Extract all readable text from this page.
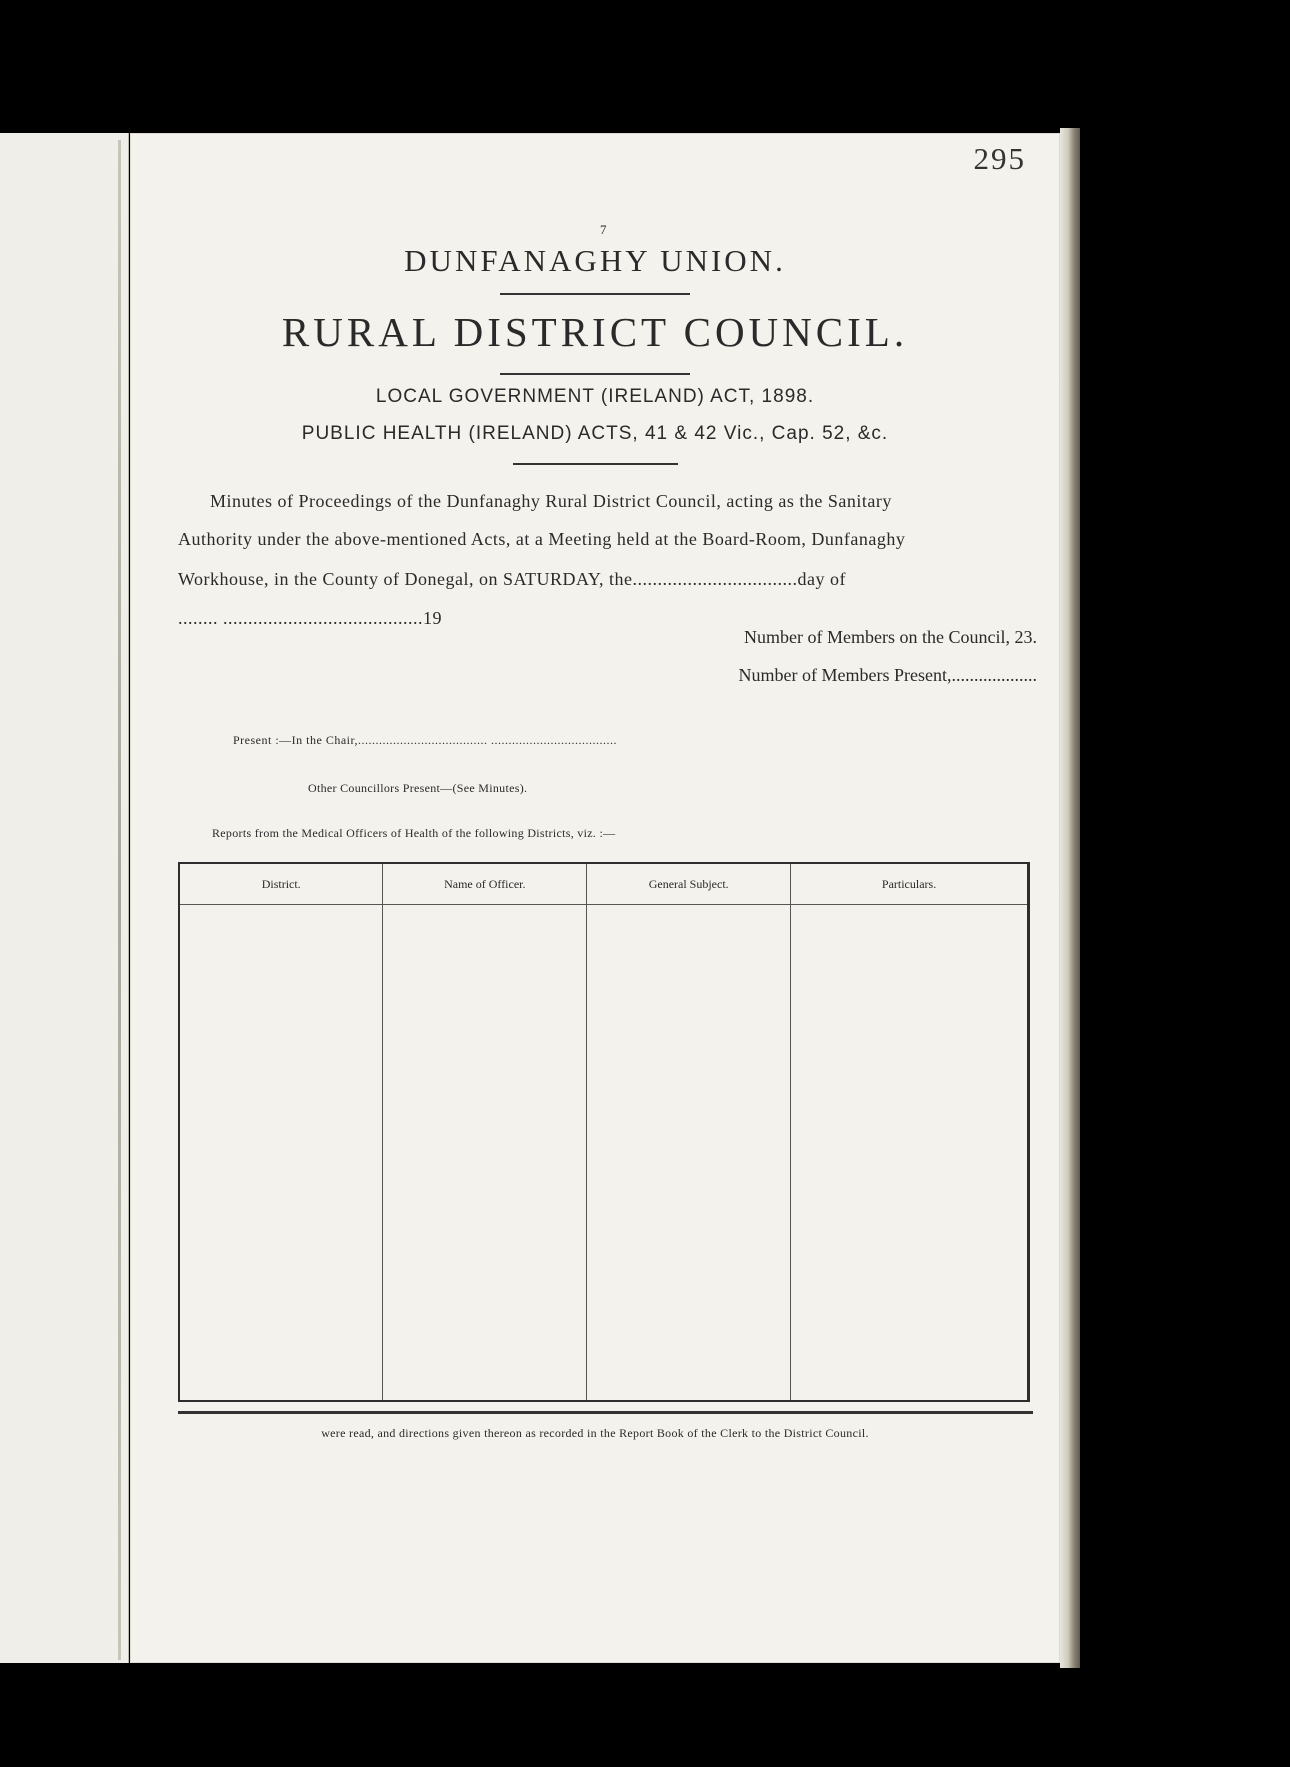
295
7
DUNFANAGHY UNION.
RURAL DISTRICT COUNCIL.
LOCAL GOVERNMENT (IRELAND) ACT, 1898.
PUBLIC HEALTH (IRELAND) ACTS, 41 & 42 Vic., Cap. 52, &c.
Minutes of Proceedings of the Dunfanaghy Rural District Council, acting as the Sanitary
Authority under the above-mentioned Acts, at a Meeting held at the Board-Room, Dunfanaghy
Workhouse, in the County of Donegal, on SATURDAY, the.................................day of
........ ........................................19
Number of Members on the Council, 23.
Number of Members Present,...................
Present :—In the Chair,..................................... ....................................
Other Councillors Present—(See Minutes).
Reports from the Medical Officers of Health of the following Districts, viz. :—
District.	Name of Officer.	General Subject.	Particulars.

were read, and directions given thereon as recorded in the Report Book of the Clerk to the District Council.
